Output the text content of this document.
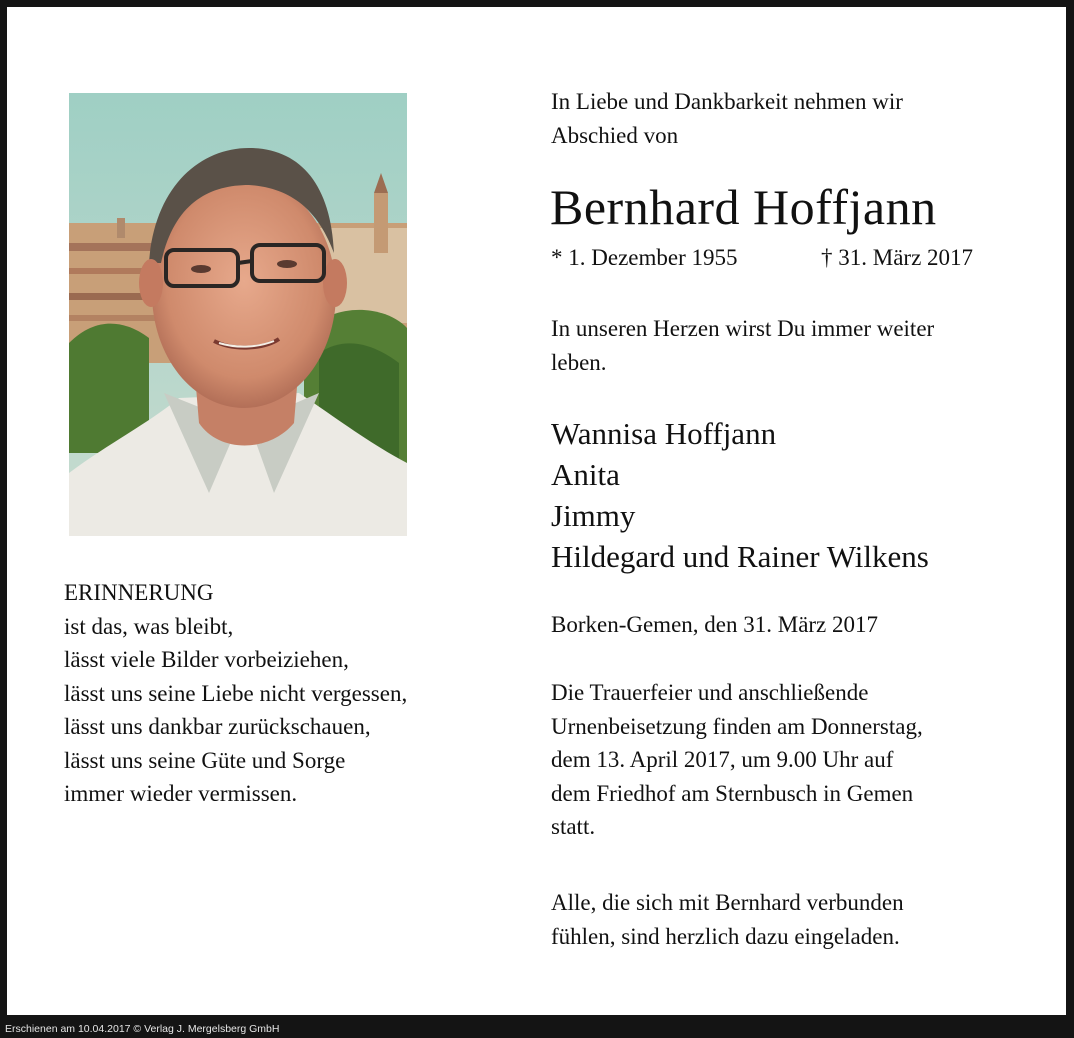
ERINNERUNG
ist das, was bleibt,
lässt viele Bilder vorbeiziehen,
lässt uns seine Liebe nicht vergessen,
lässt uns dankbar zurückschauen,
lässt uns seine Güte und Sorge
immer wieder vermissen.
In Liebe und Dankbarkeit nehmen wir
Abschied von
Bernhard Hoffjann
* 1. Dezember 1955	† 31. März 2017
In unseren Herzen wirst Du immer weiter
leben.
Wannisa Hoffjann
Anita
Jimmy
Hildegard und Rainer Wilkens
Borken-Gemen, den 31. März 2017
Die Trauerfeier und anschließende
Urnenbeisetzung finden am Donnerstag,
dem 13. April 2017, um 9.00 Uhr auf
dem Friedhof am Sternbusch in Gemen
statt.
Alle, die sich mit Bernhard verbunden
fühlen, sind herzlich dazu eingeladen.
Erschienen am 10.04.2017 © Verlag J. Mergelsberg GmbH
